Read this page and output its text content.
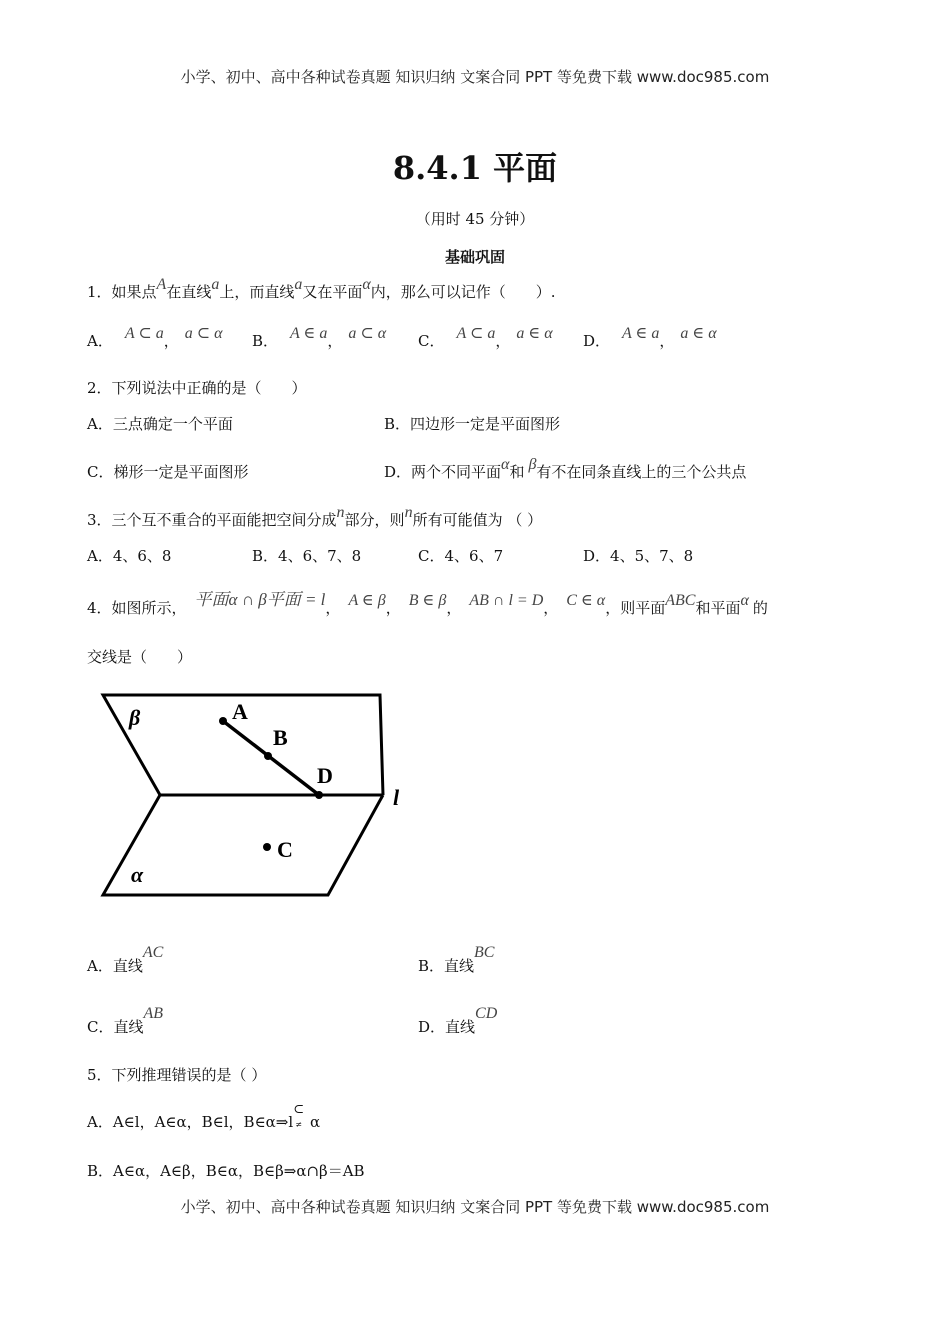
小学、初中、高中各种试卷真题 知识归纳 文案合同 PPT 等免费下载 www.doc985.com
小学、初中、高中各种试卷真题 知识归纳 文案合同 PPT 等免费下载 www.doc985.com
8.4.1 平面
（用时 45 分钟）
基础巩固
1．如果点A在直线a上，而直线a又在平面α内，那么可以记作（　　）.
A． A ⊂ a， a ⊂ α B． A ∈ a， a ⊂ α C． A ⊂ a， a ∈ α D． A ∈ a， a ∈ α
2．下列说法中正确的是（　　）
A．三点确定一个平面	B．四边形一定是平面图形
C．梯形一定是平面图形	D．两个不同平面α和 β有不在同条直线上的三个公共点
3．三个互不重合的平面能把空间分成n部分，则n所有可能值为 （ ）
A．4、6、8	B．4、6、7、8	C．4、6、7	D．4、5、7、8
4．如图所示， 平面α ∩ β平面 = l， A ∈ β， B ∈ β， AB ∩ l = D， C ∈ α，则平面ABC和平面α 的
交线是（　　）
β
α
A
B
D
C
l
A．直线AC
B．直线BC
C．直线AB
D．直线CD
5．下列推理错误的是（ ）
A．A∈l，A∈α，B∈l，B∈α⇒l
⊂
≠ α
B．A∈α，A∈β，B∈α，B∈β⇒α∩β＝AB
